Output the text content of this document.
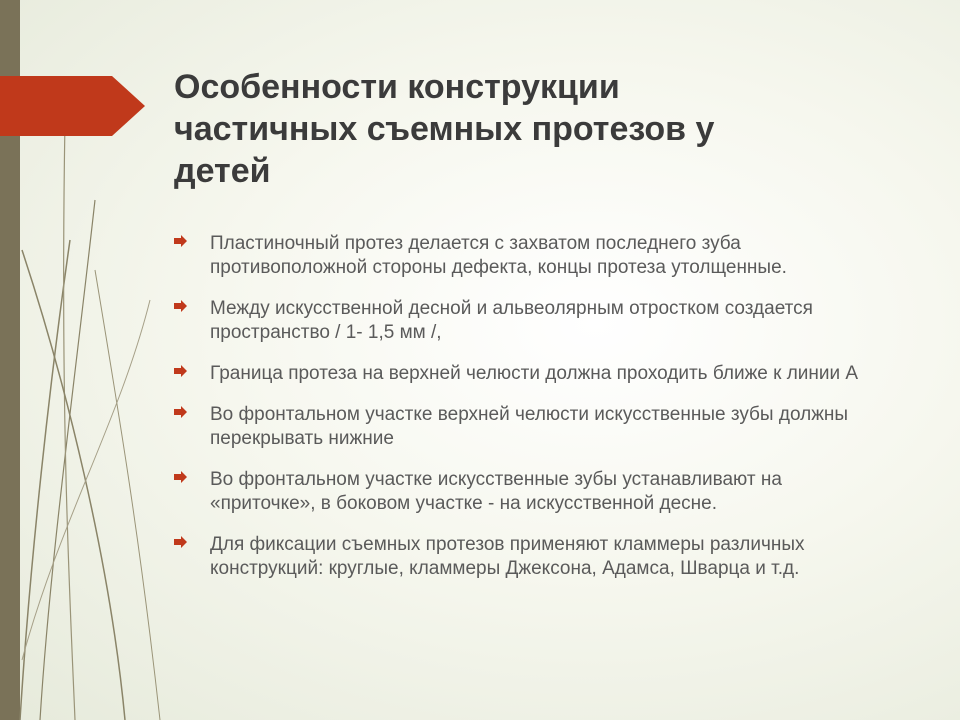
Особенности конструкции частичных съемных протезов у детей
Пластиночный протез делается с захватом последнего зуба противоположной стороны дефекта, концы протеза утолщенные.
Между искусственной десной и альвеолярным отростком создается пространство / 1- 1,5 мм /,
Граница протеза на верхней челюсти должна проходить ближе к линии А
Во фронтальном участке верхней челюсти искусственные зубы должны перекрывать нижние
Во фронтальном участке искусственные зубы устанавливают на «приточке», в боковом участке - на искусственной десне.
Для фиксации съемных протезов применяют кламмеры различных конструкций: круглые, кламмеры Джексона, Адамса, Шварца и т.д.
